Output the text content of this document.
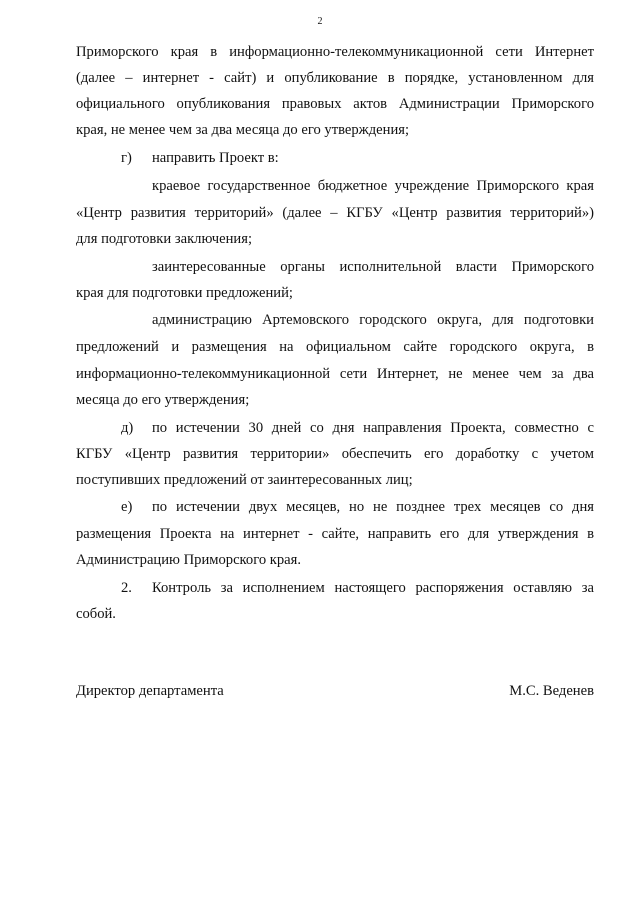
2
Приморского края в информационно-телекоммуникационной сети Интернет
(далее – интернет - сайт) и опубликование в порядке, установленном для
официального опубликования правовых актов Администрации Приморского
края, не менее чем за два месяца до его утверждения;
г) направить Проект в:
краевое государственное бюджетное учреждение Приморского края
«Центр развития территорий» (далее – КГБУ «Центр развития территорий»)
для подготовки заключения;
заинтересованные органы исполнительной власти Приморского
края для подготовки предложений;
администрацию Артемовского городского округа, для подготовки
предложений и размещения на официальном сайте городского округа, в
информационно-телекоммуникационной сети Интернет, не менее чем за два
месяца до его утверждения;
д) по истечении 30 дней со дня направления Проекта, совместно с
КГБУ «Центр развития территории» обеспечить его доработку с учетом
поступивших предложений от заинтересованных лиц;
е) по истечении двух месяцев, но не позднее трех месяцев со дня
размещения Проекта на интернет - сайте, направить его для утверждения в
Администрацию Приморского края.
2. Контроль за исполнением настоящего распоряжения оставляю за
собой.
Директор департамента	М.С. Веденев
